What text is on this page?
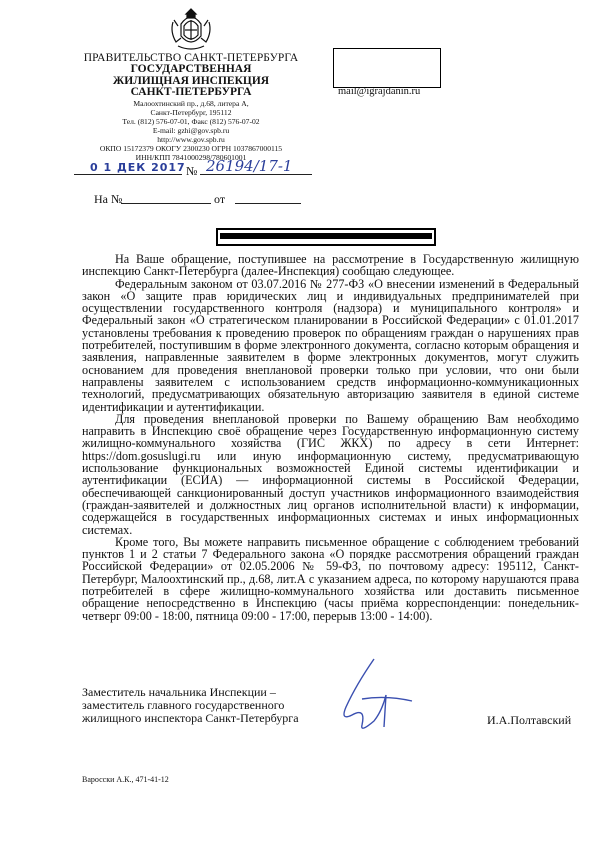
ПРАВИТЕЛЬСТВО САНКТ-ПЕТЕРБУРГА
ГОСУДАРСТВЕННАЯ
ЖИЛИЩНАЯ ИНСПЕКЦИЯ
САНКТ-ПЕТЕРБУРГА
Малоохтинский пр., д.68, литера А,
Санкт-Петербург, 195112
Тел. (812) 576-07-01, Факс (812) 576-07-02
E-mail: gzhi@gov.spb.ru
http://www.gov.spb.ru
ОКПО 15172379 ОКОГУ 2300230 ОГРН 1037867000115
ИНН/КПП 7841000298/780601001
mail@igrajdanin.ru
0 1 ДЕК 2017 № 26194/17-1
На №	от

На Ваше обращение, поступившее на рассмотрение в Государственную жилищную инспекцию Санкт-Петербурга (далее-Инспекция) сообщаю следующее.

Федеральным законом от 03.07.2016 № 277-ФЗ «О внесении изменений в Федеральный закон «О защите прав юридических лиц и индивидуальных предпринимателей при осуществлении государственного контроля (надзора) и муниципального контроля» и Федеральный закон «О стратегическом планировании в Российской Федерации» с 01.01.2017 установлены требования к проведению проверок по обращениям граждан о нарушениях прав потребителей, поступившим в форме электронного документа, согласно которым обращения и заявления, направленные заявителем в форме электронных документов, могут служить основанием для проведения внеплановой проверки только при условии, что они были направлены заявителем с использованием средств информационно-коммуникационных технологий, предусматривающих обязательную авторизацию заявителя в единой системе идентификации и аутентификации.

Для проведения внеплановой проверки по Вашему обращению Вам необходимо направить в Инспекцию своё обращение через Государственную информационную систему жилищно-коммунального хозяйства (ГИС ЖКХ) по адресу в сети Интернет: https://dom.gosuslugi.ru или иную информационную систему, предусматривающую использование функциональных возможностей Единой системы идентификации и аутентификации (ЕСИА) — информационной системы в Российской Федерации, обеспечивающей санкционированный доступ участников информационного взаимодействия (граждан-заявителей и должностных лиц органов исполнительной власти) к информации, содержащейся в государственных информационных системах и иных информационных системах.

Кроме того, Вы можете направить письменное обращение с соблюдением требований пунктов 1 и 2 статьи 7 Федерального закона «О порядке рассмотрения обращений граждан Российской Федерации» от 02.05.2006 № 59-ФЗ, по почтовому адресу: 195112, Санкт-Петербург, Малоохтинский пр., д.68, лит.А с указанием адреса, по которому нарушаются права потребителей в сфере жилищно-коммунального хозяйства или доставить письменное обращение непосредственно в Инспекцию (часы приёма корреспонденции: понедельник-четверг 09:00 - 18:00, пятница 09:00 - 17:00, перерыв 13:00 - 14:00).

Заместитель начальника Инспекции –
заместитель главного государственного
жилищного инспектора Санкт-Петербурга	И.А.Полтавский
Варосски А.К., 471-41-12
